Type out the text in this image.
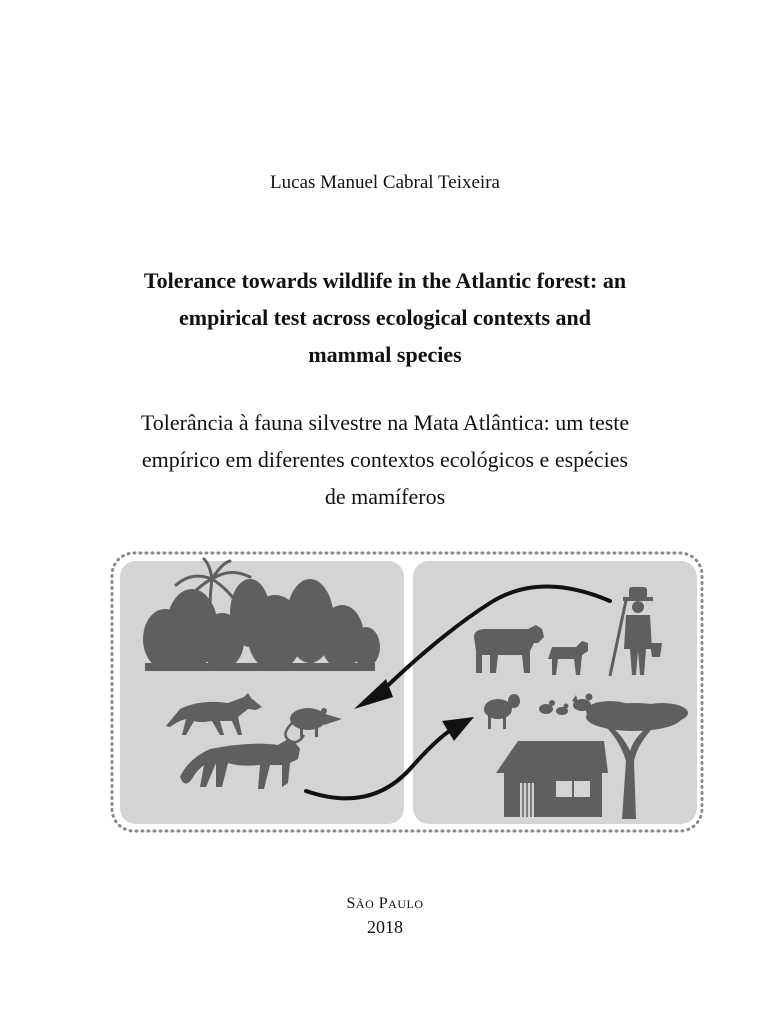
Lucas Manuel Cabral Teixeira
Tolerance towards wildlife in the Atlantic forest: an
empirical test across ecological contexts and
mammal species
Tolerância à fauna silvestre na Mata Atlântica: um teste
empírico em diferentes contextos ecológicos e espécies
de mamíferos
SÃO PAULO
2018
